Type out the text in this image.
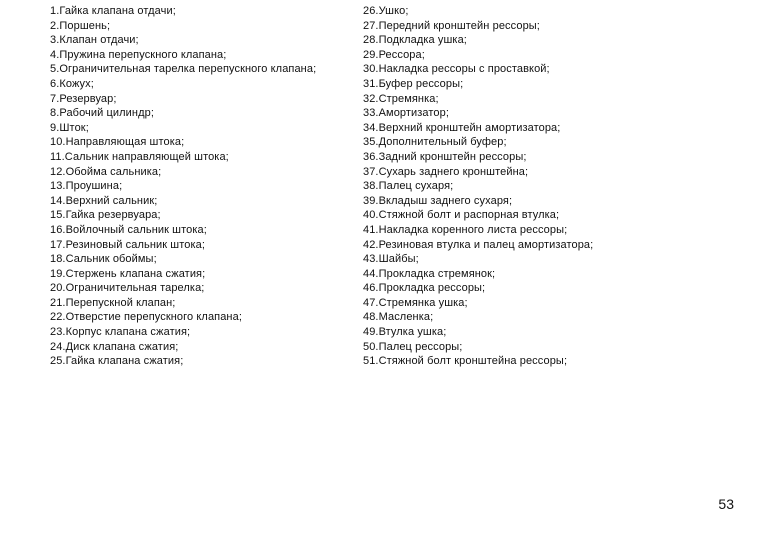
1.Гайка клапана отдачи;
2.Поршень;
3.Клапан отдачи;
4.Пружина перепускного клапана;
5.Ограничительная тарелка перепускного клапана;
6.Кожух;
7.Резервуар;
8.Рабочий цилиндр;
9.Шток;
10.Направляющая штока;
11.Сальник направляющей штока;
12.Обойма сальника;
13.Проушина;
14.Верхний сальник;
15.Гайка резервуара;
16.Войлочный сальник штока;
17.Резиновый сальник штока;
18.Сальник обоймы;
19.Стержень клапана сжатия;
20.Ограничительная тарелка;
21.Перепускной клапан;
22.Отверстие перепускного клапана;
23.Корпус клапана сжатия;
24.Диск клапана сжатия;
25.Гайка клапана сжатия;
26.Ушко;
27.Передний кронштейн рессоры;
28.Подкладка ушка;
29.Рессора;
30.Накладка рессоры с проставкой;
31.Буфер рессоры;
32.Стремянка;
33.Амортизатор;
34.Верхний кронштейн амортизатора;
35.Дополнительный буфер;
36.Задний кронштейн рессоры;
37.Сухарь заднего кронштейна;
38.Палец сухаря;
39.Вкладыш заднего сухаря;
40.Стяжной болт и распорная втулка;
41.Накладка коренного листа рессоры;
42.Резиновая втулка и палец амортизатора;
43.Шайбы;
44.Прокладка стремянок;
46.Прокладка рессоры;
47.Стремянка ушка;
48.Масленка;
49.Втулка ушка;
50.Палец рессоры;
51.Стяжной болт кронштейна рессоры;
53
